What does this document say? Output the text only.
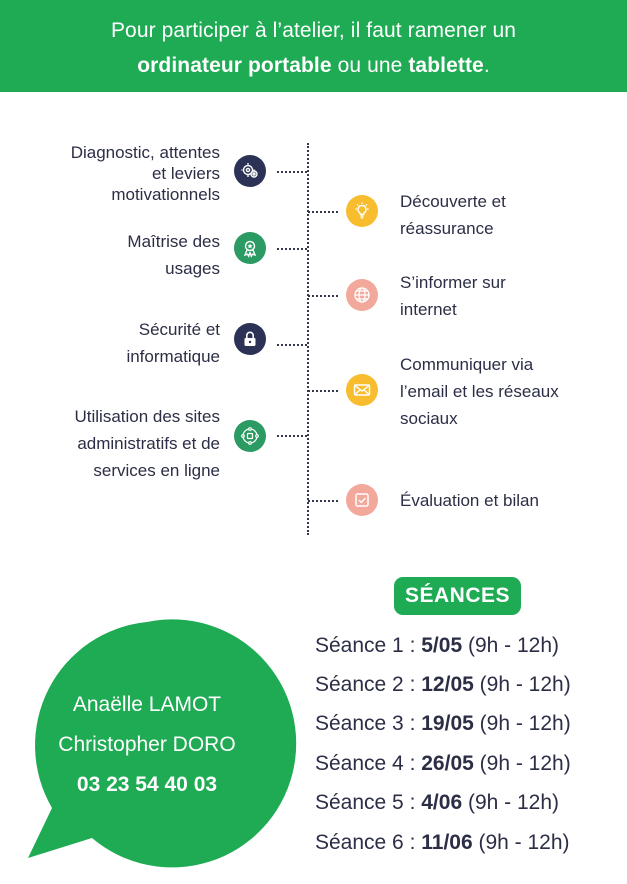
Pour participer à l’atelier, il faut ramener un
ordinateur portable ou une tablette.
Diagnostic, attentes
et leviers
motivationnels
Maîtrise des
usages
Sécurité et
informatique
Utilisation des sites
administratifs et de
services en ligne
Découverte et
réassurance
S’informer sur
internet
Communiquer via
l’email et les réseaux
sociaux
Évaluation et bilan
SÉANCES
Séance 1 : 5/05 (9h - 12h)
Séance 2 : 12/05 (9h - 12h)
Séance 3 : 19/05 (9h - 12h)
Séance 4 : 26/05 (9h - 12h)
Séance 5 : 4/06 (9h - 12h)
Séance 6 : 11/06 (9h - 12h)
Anaëlle LAMOT
Christopher DORO
03 23 54 40 03
